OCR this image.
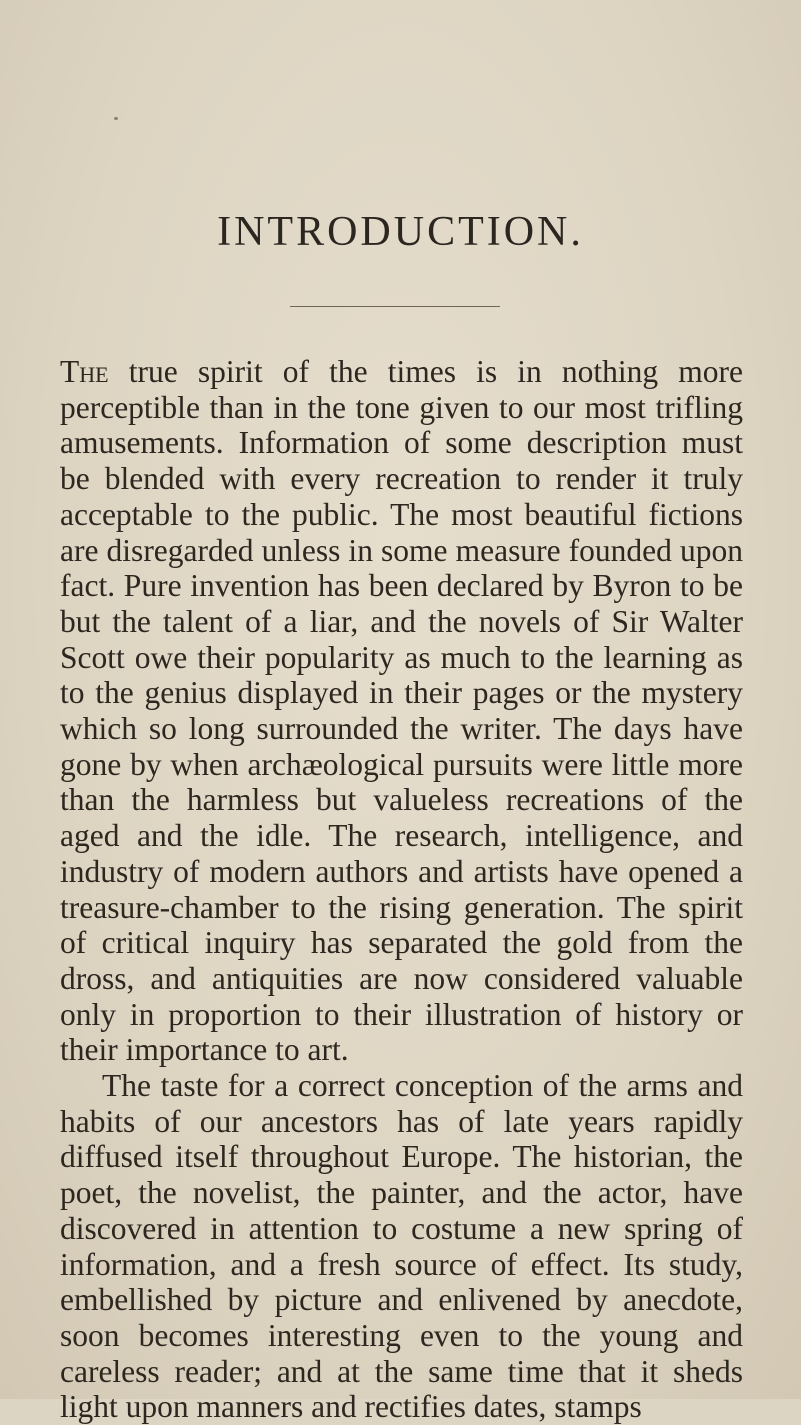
INTRODUCTION.

The true spirit of the times is in nothing more perceptible than in the tone given to our most trifling amusements. Information of some description must be blended with every recreation to render it truly acceptable to the public. The most beautiful fictions are disregarded unless in some measure founded upon fact. Pure invention has been declared by Byron to be but the talent of a liar, and the novels of Sir Walter Scott owe their popularity as much to the learning as to the genius displayed in their pages or the mystery which so long surrounded the writer. The days have gone by when archæological pursuits were little more than the harmless but valueless recreations of the aged and the idle. The research, intelligence, and industry of modern authors and artists have opened a treasure-chamber to the rising generation. The spirit of critical inquiry has separated the gold from the dross, and antiquities are now considered valuable only in proportion to their illustration of history or their importance to art.

The taste for a correct conception of the arms and habits of our ancestors has of late years rapidly diffused itself throughout Europe. The historian, the poet, the novelist, the painter, and the actor, have discovered in attention to costume a new spring of information, and a fresh source of effect. Its study, embellished by picture and enlivened by anecdote, soon becomes interesting even to the young and careless reader; and at the same time that it sheds light upon manners and rectifies dates, stamps
